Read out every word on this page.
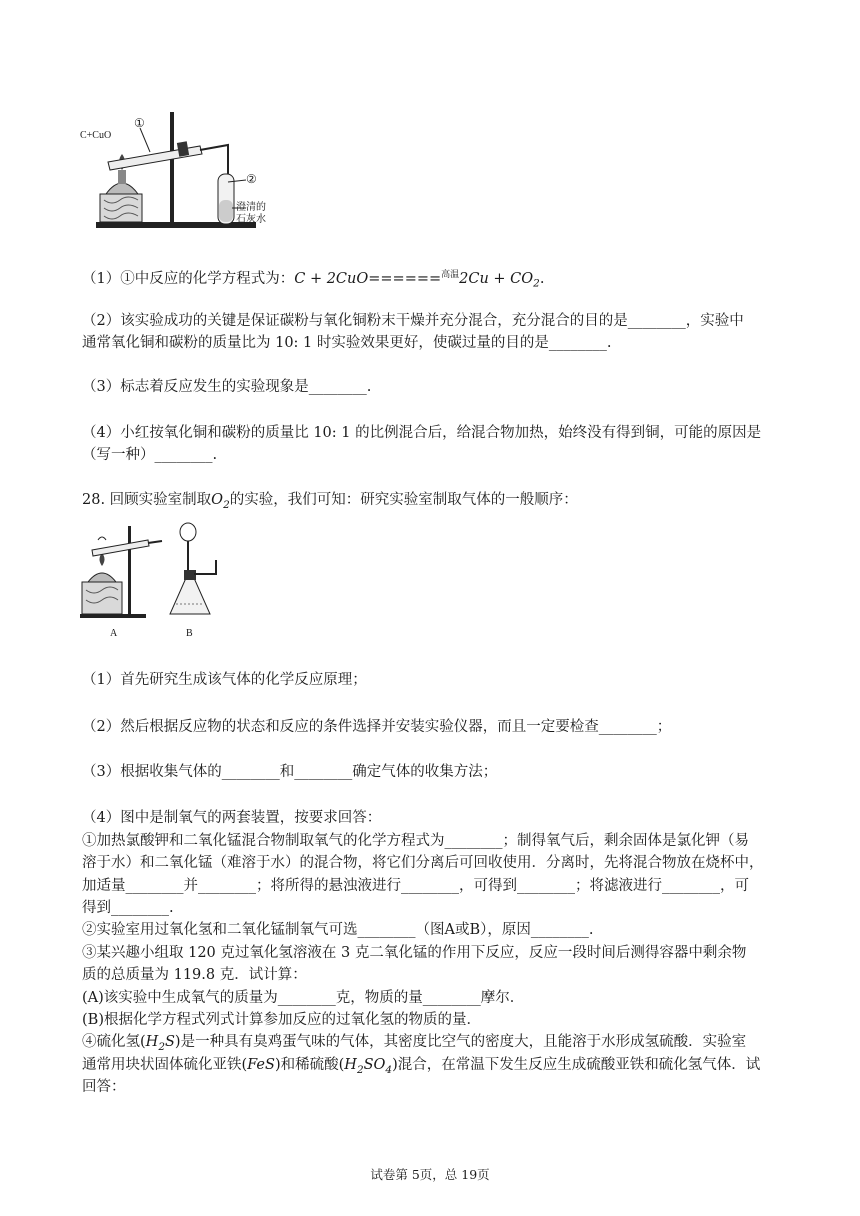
C+CuO
①
②
澄清的
石灰水
（1）①中反应的化学方程式为：$C + 2CuO======^{高温}2Cu + CO_2$.
（2）该实验成功的关键是保证碳粉与氧化铜粉末干燥并充分混合，充分混合的目的是________，实验中
通常氧化铜和碳粉的质量比为 10: 1 时实验效果更好，使碳过量的目的是________.
（3）标志着反应发生的实验现象是________.
（4）小红按氧化铜和碳粉的质量比 10: 1 的比例混合后，给混合物加热，始终没有得到铜，可能的原因是
（写一种）________.
28. 回顾实验室制取$O_2$的实验，我们可知：研究实验室制取气体的一般顺序：
A	B
（1）首先研究生成该气体的化学反应原理；
（2）然后根据反应物的状态和反应的条件选择并安装实验仪器，而且一定要检查________；
（3）根据收集气体的________和________确定气体的收集方法；
（4）图中是制氧气的两套装置，按要求回答：
①加热氯酸钾和二氧化锰混合物制取氧气的化学方程式为________；制得氧气后，剩余固体是氯化钾（易
溶于水）和二氧化锰（难溶于水）的混合物，将它们分离后可回收使用．分离时，先将混合物放在烧杯中，
加适量________并________；将所得的悬浊液进行________，可得到________；将滤液进行________，可
得到________.
②实验室用过氧化氢和二氧化锰制氧气可选________（图A或B），原因________.
③某兴趣小组取 120 克过氧化氢溶液在 3 克二氧化锰的作用下反应，反应一段时间后测得容器中剩余物
质的总质量为 119.8 克．试计算：
(A)该实验中生成氧气的质量为________克，物质的量________摩尔．
(B)根据化学方程式列式计算参加反应的过氧化氢的物质的量．
④硫化氢$(H_2S)$是一种具有臭鸡蛋气味的气体，其密度比空气的密度大，且能溶于水形成氢硫酸．实验室
通常用块状固体硫化亚铁(FeS)和稀硫酸$(H_2SO_4)$混合，在常温下发生反应生成硫酸亚铁和硫化氢气体．试
回答：
试卷第 5页，总 19页
